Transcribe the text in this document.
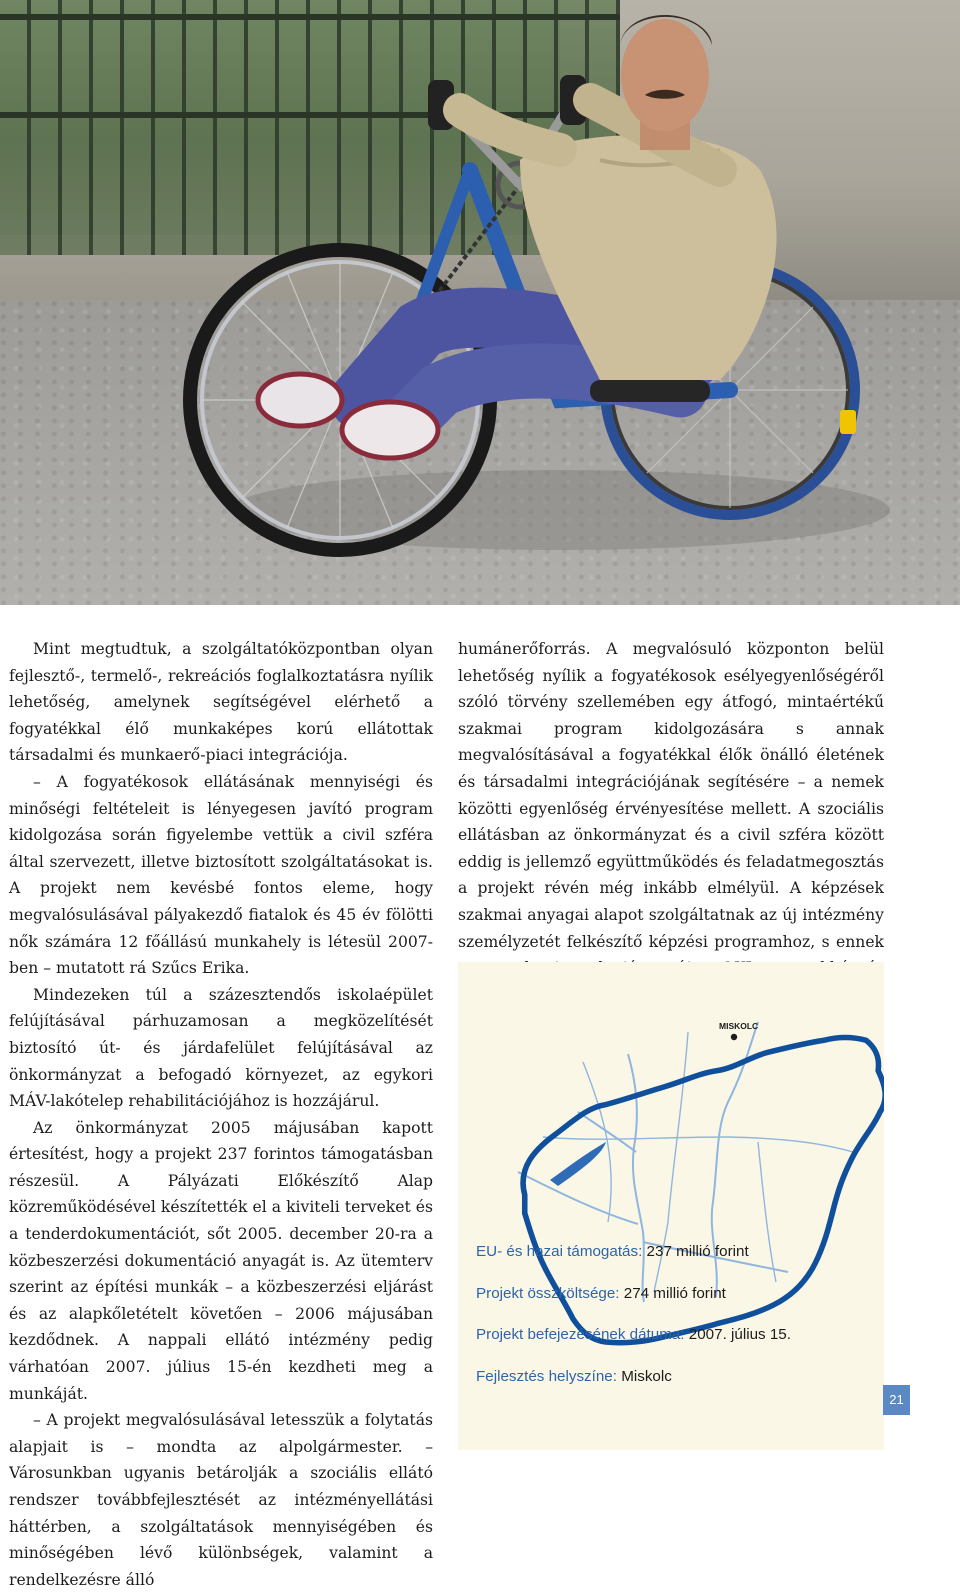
Mint megtudtuk, a szolgáltatóközpontban olyan fejlesztő-, termelő-, rekreációs foglalkoztatásra nyílik lehetőség, amelynek segítségével elérhető a fogyatékkal élő munkaképes korú ellátottak társadalmi és munkaerő-piaci integrációja.

– A fogyatékosok ellátásának mennyiségi és minőségi feltételeit is lényegesen javító program kidolgozása során figyelembe vettük a civil szféra által szervezett, illetve biztosított szolgáltatásokat is. A projekt nem kevésbé fontos eleme, hogy megvalósulásával pályakezdő fiatalok és 45 év fölötti nők számára 12 főállású munkahely is létesül 2007-ben – mutatott rá Szűcs Erika.

Mindezeken túl a százesztendős iskolaépület felújításával párhuzamosan a megközelítését biztosító út- és járdafelület felújításával az önkormányzat a befogadó környezet, az egykori MÁV-lakótelep rehabilitációjához is hozzájárul.

Az önkormányzat 2005 májusában kapott értesítést, hogy a projekt 237 forintos támogatásban részesül. A Pályázati Előkészítő Alap közreműködésével készítették el a kiviteli terveket és a tenderdokumentációt, sőt 2005. december 20-ra a közbeszerzési dokumentáció anyagát is. Az ütemterv szerint az építési munkák – a közbeszerzési eljárást és az alapkőletételt követően – 2006 májusában kezdődnek. A nappali ellátó intézmény pedig várhatóan 2007. július 15-én kezdheti meg a munkáját.

– A projekt megvalósulásával letesszük a folytatás alapjait is – mondta az alpolgármester. – Városunkban ugyanis betárolják a szociális ellátó rendszer továbbfejlesztését az intézményellátási háttérben, a szolgáltatások mennyiségében és minőségében lévő különbségek, valamint a rendelkezésre álló

humánerőforrás. A megvalósuló központon belül lehetőség nyílik a fogyatékosok esélyegyenlőségéről szóló törvény szellemében egy átfogó, mintaértékű szakmai program kidolgozására s annak megvalósításával a fogyatékkal élők önálló életének és társadalmi integrációjának segítésére – a nemek közötti egyenlőség érvényesítése mellett. A szociális ellátásban az önkormányzat és a civil szféra között eddig is jellemző együttműködés és feladatmegosztás a projekt révén még inkább elmélyül. A képzések szakmai anyagai alapot szolgáltatnak az új intézmény személyzetét felkészítő képzési programhoz, s ennek

MISKOLC
EU- és hazai támogatás: 237 millió forint
Projekt összköltsége: 274 millió forint
Projekt befejezésének dátuma: 2007. július 15.
Fejlesztés helyszíne: Miskolc
21
